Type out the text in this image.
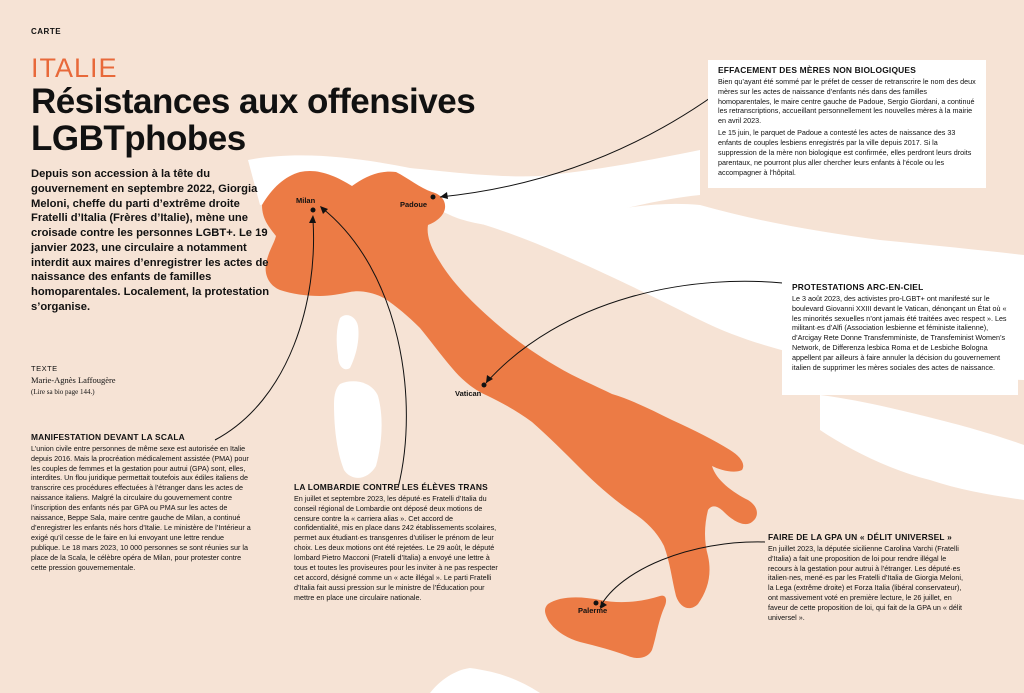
Milan	Padoue
Vatican
Palerme
CARTE
ITALIE
Résistances aux offensives LGBTphobes
Depuis son accession à la tête du gouvernement en septembre 2022, Giorgia Meloni, cheffe du parti d’extrême droite Fratelli d’Italia (Frères d’Italie), mène une croisade contre les personnes LGBT+. Le 19 janvier 2023, une circulaire a notamment interdit aux maires d’enregistrer les actes de naissance des enfants de familles homoparentales. Localement, la protestation s’organise.
TEXTE
Marie-Agnès Laffougère
(Lire sa bio page 144.)
EFFACEMENT DES MÈRES NON BIOLOGIQUES

Bien qu’ayant été sommé par le préfet de cesser de retranscrire le nom des deux mères sur les actes de naissance d’enfants nés dans des familles homoparentales, le maire centre gauche de Padoue, Sergio Giordani, a continué les retranscriptions, accueillant personnellement les nouvelles mères à la mairie en avril 2023.

Le 15 juin, le parquet de Padoue a contesté les actes de naissance des 33 enfants de couples lesbiens enregistrés par la ville depuis 2017. Si la suppression de la mère non biologique est confirmée, elles perdront leurs droits parentaux, ne pourront plus aller chercher leurs enfants à l’école ou les accompagner à l’hôpital.

PROTESTATIONS ARC-EN-CIEL

Le 3 août 2023, des activistes pro-LGBT+ ont manifesté sur le boulevard Giovanni XXIII devant le Vatican, dénonçant un État où « les minorités sexuelles n’ont jamais été traitées avec respect ». Les militant·es d’Alfi (Association lesbienne et féministe italienne), d’Arcigay Rete Donne Transfemministe, de Transfeminist Women’s Network, de Differenza lesbica Roma et de Lesbiche Bologna appellent par ailleurs à faire annuler la décision du gouvernement italien de supprimer les mères sociales des actes de naissance.

MANIFESTATION DEVANT LA SCALA

L’union civile entre personnes de même sexe est autorisée en Italie depuis 2016. Mais la procréation médicalement assistée (PMA) pour les couples de femmes et la gestation pour autrui (GPA) sont, elles, interdites. Un flou juridique permettait toutefois aux édiles italiens de transcrire ces procédures effectuées à l’étranger dans les actes de naissance italiens. Malgré la circulaire du gouvernement contre l’inscription des enfants nés par GPA ou PMA sur les actes de naissance, Beppe Sala, maire centre gauche de Milan, a continué d’enregistrer les enfants nés hors d’Italie. Le ministère de l’Intérieur a exigé qu’il cesse de le faire en lui envoyant une lettre rendue publique. Le 18 mars 2023, 10 000 personnes se sont réunies sur la place de la Scala, le célèbre opéra de Milan, pour protester contre cette pression gouvernementale.

LA LOMBARDIE CONTRE LES ÉLÈVES TRANS

En juillet et septembre 2023, les député·es Fratelli d’Italia du conseil régional de Lombardie ont déposé deux motions de censure contre la « carriera alias ». Cet accord de confidentialité, mis en place dans 242 établissements scolaires, permet aux étudiant·es transgenres d’utiliser le prénom de leur choix. Les deux motions ont été rejetées. Le 29 août, le député lombard Pietro Macconi (Fratelli d’Italia) a envoyé une lettre à tous et toutes les proviseures pour les inviter à ne pas respecter cet accord, désigné comme un « acte illégal ». Le parti Fratelli d’Italia fait aussi pression sur le ministre de l’Éducation pour mettre en place une circulaire nationale.

FAIRE DE LA GPA UN « DÉLIT UNIVERSEL »

En juillet 2023, la députée sicilienne Carolina Varchi (Fratelli d’Italia) a fait une proposition de loi pour rendre illégal le recours à la gestation pour autrui à l’étranger. Les député·es italien·nes, mené·es par les Fratelli d’Italia de Giorgia Meloni, la Lega (extrême droite) et Forza Italia (libéral conservateur), ont massivement voté en première lecture, le 26 juillet, en faveur de cette proposition de loi, qui fait de la GPA un « délit universel ».
